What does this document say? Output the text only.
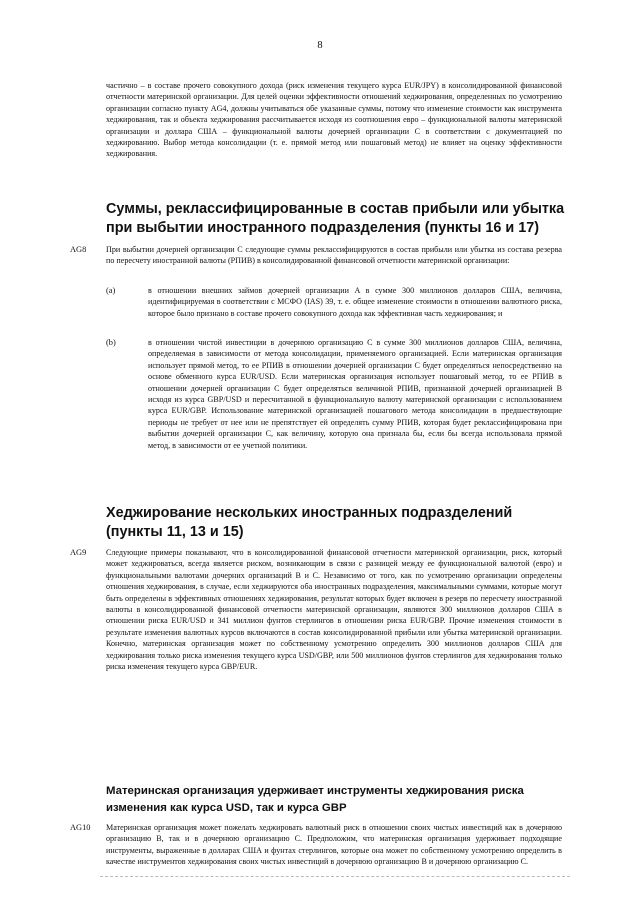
8
частично – в составе прочего совокупного дохода (риск изменения текущего курса EUR/JPY) в консолидированной финансовой отчетности материнской организации. Для целей оценки эффективности отношений хеджирования, определенных по усмотрению организации согласно пункту AG4, должны учитываться обе указанные суммы, потому что изменение стоимости как инструмента хеджирования, так и объекта хеджирования рассчитывается исходя из соотношения евро – функциональной валюты материнской организации и доллара США – функциональной валюты дочерней организации C в соответствии с документацией по хеджированию. Выбор метода консолидации (т. е. прямой метод или пошаговый метод) не влияет на оценку эффективности хеджирования.
Суммы, реклассифицированные в состав прибыли или убытка при выбытии иностранного подразделения (пункты 16 и 17)
AG8 При выбытии дочерней организации C следующие суммы реклассифицируются в состав прибыли или убытка из состава резерва по пересчету иностранной валюты (РПИВ) в консолидированной финансовой отчетности материнской организации:
(a)	в отношении внешних займов дочерней организации A в сумме 300 миллионов долларов США, величина, идентифицируемая в соответствии с МСФО (IAS) 39, т. е. общее изменение стоимости в отношении валютного риска, которое было признано в составе прочего совокупного дохода как эффективная часть хеджирования; и
(b)	в отношении чистой инвестиции в дочернюю организацию C в сумме 300 миллионов долларов США, величина, определяемая в зависимости от метода консолидации, применяемого организацией. Если материнская организация использует прямой метод, то ее РПИВ в отношении дочерней организации C будет определяться непосредственно на основе обменного курса EUR/USD. Если материнская организация использует пошаговый метод, то ее РПИВ в отношении дочерней организации C будет определяться величиной РПИВ, признанной дочерней организацией B исходя из курса GBP/USD и пересчитанной в функциональную валюту материнской организации с использованием курса EUR/GBP. Использование материнской организацией пошагового метода консолидации в предшествующие периоды не требует от нее или не препятствует ей определять сумму РПИВ, которая будет реклассифицирована при выбытии дочерней организации C, как величину, которую она признала бы, если бы всегда использовала прямой метод, в зависимости от ее учетной политики.
Хеджирование нескольких иностранных подразделений (пункты 11, 13 и 15)
AG9 Следующие примеры показывают, что в консолидированной финансовой отчетности материнской организации, риск, который может хеджироваться, всегда является риском, возникающим в связи с разницей между ее функциональной валютой (евро) и функциональными валютами дочерних организаций B и C. Независимо от того, как по усмотрению организации определены отношения хеджирования, в случае, если хеджируются оба иностранных подразделения, максимальными суммами, которые могут быть определены в эффективных отношениях хеджирования, результат которых будет включен в резерв по пересчету иностранной валюты в консолидированной финансовой отчетности материнской организации, являются 300 миллионов долларов США в отношении риска EUR/USD и 341 миллион фунтов стерлингов в отношении риска EUR/GBP. Прочие изменения стоимости в результате изменения валютных курсов включаются в состав консолидированной прибыли или убытка материнской организации. Конечно, материнская организация может по собственному усмотрению определить 300 миллионов долларов США для хеджирования только риска изменения текущего курса USD/GBP, или 500 миллионов фунтов стерлингов для хеджирования только риска изменения текущего курса GBP/EUR.
Материнская организация удерживает инструменты хеджирования риска изменения как курса USD, так и курса GBP
AG10 Материнская организация может пожелать хеджировать валютный риск в отношении своих чистых инвестиций как в дочернюю организацию B, так и в дочернюю организацию C. Предположим, что материнская организация удерживает подходящие инструменты, выраженные в долларах США и фунтах стерлингов, которые она может по собственному усмотрению определить в качестве инструментов хеджирования своих чистых инвестиций в дочернюю организацию B и дочернюю организацию C.
